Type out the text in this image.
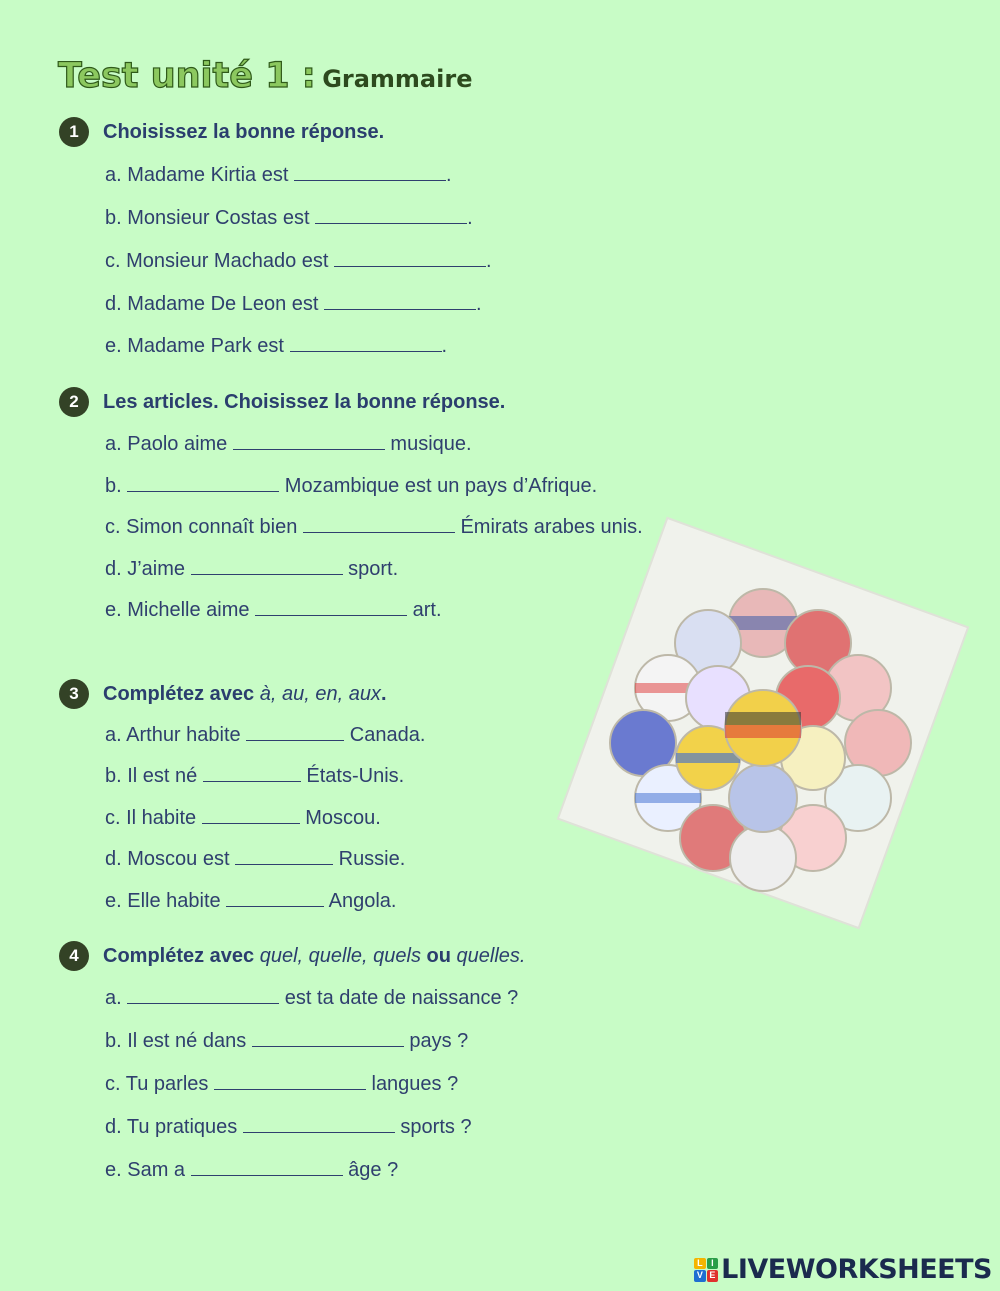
Test unité 1 : Grammaire
1	Choisissez la bonne réponse.
a. Madame Kirtia est	.
b. Monsieur Costas est	.
c. Monsieur Machado est	.
d. Madame De Leon est	.
e. Madame Park est	.
2	Les articles. Choisissez la bonne réponse.
a. Paolo aime	musique.
b.	Mozambique est un pays d’Afrique.
c. Simon connaît bien	Émirats arabes unis.
d. J’aime	sport.
e. Michelle aime	art.
3	Complétez avec à, au, en, aux.
a. Arthur habite	Canada.
b. Il est né	États-Unis.
c. Il habite	Moscou.
d. Moscou est	Russie.
e. Elle habite	Angola.
4	Complétez avec quel, quelle, quels ou quelles.
a.	est ta date de naissance ?
b. Il est né dans	pays ?
c. Tu parles	langues ?
d. Tu pratiques	sports ?
e. Sam a	âge ?
L I
V E LIVEWORKSHEETS
